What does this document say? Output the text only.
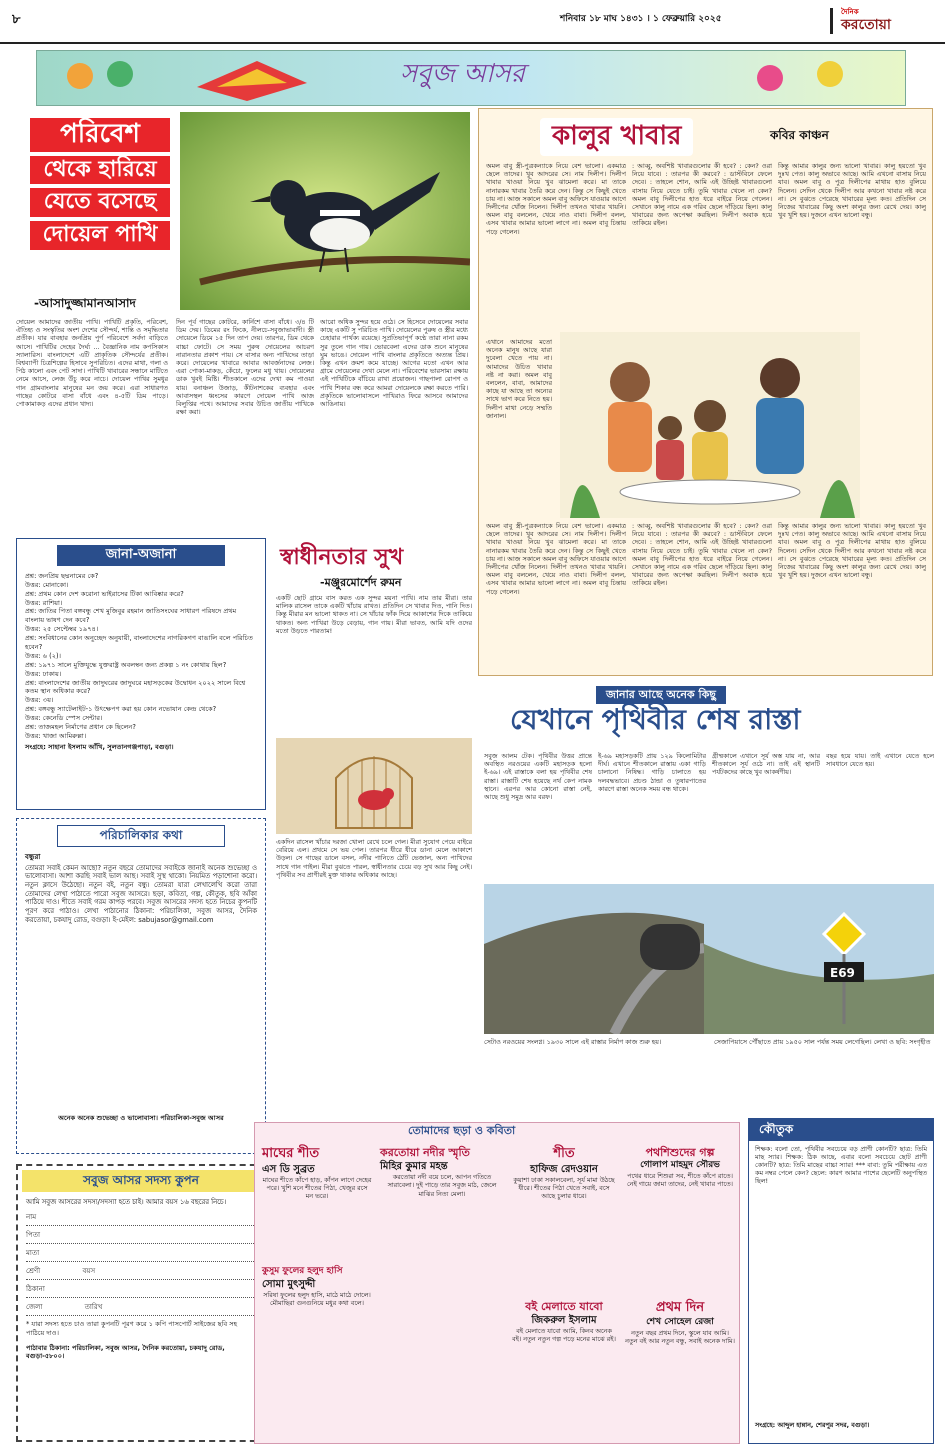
৮	শনিবার ১৮ মাঘ ১৪৩১ । ১ ফেব্রুয়ারি ২০২৫
দৈনিক
করতোয়া
সবুজ আসর
পরিবেশ
থেকে হারিয়ে
যেতে বসেছে
দোয়েল পাখি
-আসাদুজ্জামানআসাদ
দোয়েল আমাদের জাতীয় পাখি। পাখিটি প্রকৃতি, পরিবেশ, ঐতিহ্য ও সংস্কৃতির অংশ দেশের সৌন্দর্য, শান্তি ও সমৃদ্ধিতার প্রতীক। যার বাবহার জনপ্রিয় পুর্ণ পরিবেশে সর্বদা বাড়িতে আসে। পাখিটির দেহের দৈর্ঘ্য ... বৈজ্ঞানিক নাম কপসিকাস স্যালারিস। বাংলাদেশে এটি প্রাকৃতিক সৌন্দর্যের প্রতীক। বিশ্বব্যাপী চিত্রশিল্পের হিসাবে সুপরিচিত। এদের মাথা, গলা ও পিঠ কালো এবং পেট সাদা। পাখিটি খাবারের সন্ধানে মাটিতে নেমে আসে, লেজ উঁচু করে নাচে। দোয়েল পাখির সুমধুর গান গ্রামবাংলার মানুষের মন জয় করে। এরা সাধারণত গাছের কোটরে বাসা বাঁধে এবং ৪-৫টি ডিম পাড়ে। পোকামাকড় এদের প্রধান খাদ্য।
দিন পূর্ব গাছের কোটরে, কার্নিশে বাসা বাঁধে। ৩/৪ টি ডিম দেয়। ডিমের রং ফিকে, নীলচে-সবুজাভাবাদী। স্ত্রী দোয়েলে ডিমে ১৫ দিন তাপ দেয়। তারপর, ডিম থেকে বাচ্চা ফোটে। সে সময় পুরুষ দোয়েলের আচরণ নারানতার প্রকাশ পায়। সে বাসার অন্য পাখিদের তাড়া করে। দোয়েলের খাবারে আবার আবর্জনাদের লেজ। এরা পোকা-মাকড়, কেঁচো, ফুলের মধু খায়। দোয়েলের ডাক খুবই মিষ্টি। শীতকালে এদের দেখা কম পাওয়া যায়। বনাঞ্চল উজাড়, কীটনাশকের ব্যবহার এবং আবাসস্থল ধ্বংসের কারণে দোয়েল পাখি আজ বিলুপ্তির পথে। আমাদের সবার উচিত জাতীয় পাখিকে রক্ষা করা।
আরো অধিক সুন্দর হয়ে ওঠে। সে হিসেবে দোয়েলের সবার কাছে একটি সু পরিচিত পাখি। দোয়েলের পুরুষ ও স্ত্রীর মধ্যে চেহারার পার্থক্য রয়েছে। সুপ্রতিভাপূর্ণ কণ্ঠে তারা নানা রকম সুর তুলে গান গায়। ভোরবেলা এদের ডাক শুনে মানুষের ঘুম ভাঙে। দোয়েল পাখি বাংলার প্রকৃতিতে অত্যন্ত প্রিয়। কিন্তু এখন ক্রমশ কমে যাচ্ছে। আগের মতো এখন আর গ্রামে দোয়েলের দেখা মেলে না। পরিবেশের ভারসাম্য রক্ষায় এই পাখিটিকে বাঁচিয়ে রাখা প্রয়োজন। গাছপালা রোপণ ও পাখি শিকার বন্ধ করে আমরা দোয়েলকে রক্ষা করতে পারি। প্রকৃতিকে ভালোবাসলে পাখিরাও ফিরে আসবে আমাদের আঙিনায়।
জানা-অজানা
প্রশ্ন: জনপ্রিয় ছদ্মনামের কে?
উত্তর: মোনাকো।
প্রশ্ন: প্রথম কোন দেশ করোনা ভাইরাসের টিকা আবিষ্কার করে?
উত্তর: রাশিয়া।
প্রশ্ন: জাতির পিতা বঙ্গবন্ধু শেখ মুজিবুর রহমান জাতিসংঘের সাধারণ পরিষদে প্রথম বাংলায় ভাষণ দেন কবে?
উত্তর: ২৫ সেপ্টেম্বর ১৯৭৪।
প্রশ্ন: সংবিধানের কোন অনুচ্ছেদ অনুযায়ী, বাংলাদেশের নাগরিকগণ বাঙালি বলে পরিচিত হবেন?
উত্তর: ৬ (২)।
প্রশ্ন: ১৯৭১ সালে মুক্তিযুদ্ধে যুক্তরাষ্ট্র অবলম্বন জন্য প্রকল্প ১ নং কোথায় ছিল?
উত্তর: ঢাকায়।
প্রশ্ন: বাংলাদেশের জাতীয় জাদুঘরের জাদুঘরে মহাসড়কের উদ্বোধন ২০২২ সালে বিশ্বে কতম স্থান অধিকার করে?
উত্তর: ৩য়।
প্রশ্ন: বঙ্গবন্ধু স্যাটেলাইট-১ উৎক্ষেপণ করা হয় কোন নভোযান কেন্দ্র থেকে?
উত্তর: কেনেডি স্পেস সেন্টার।
প্রশ্ন: তাজমহল নির্মাণের প্রধান কে ছিলেন?
উত্তর: খাজা আমিরুল্লা।
সংগ্রহে: সাহানা ইসলাম আঁখি, সুলতানগঞ্জপাড়া, বগুড়া।
পরিচালিকার কথা
বন্ধুরা
তোমরা সবাই কেমন আছো? নতুন বছরে তোমাদের সবাইকে জানাই অনেক শুভেচ্ছা ও ভালোবাসা। আশা করছি সবাই ভাল আছ। সবাই সুস্থ থাকো। নিয়মিত পড়াশোনা করো। নতুন ক্লাসে উঠেছো। নতুন বই, নতুন বন্ধু। তোমরা যারা লেখালেখি করো তারা তোমাদের লেখা পাঠাতে পারো সবুজ আসরে। ছড়া, কবিতা, গল্প, কৌতুক, ছবি আঁকা পাঠিয়ে দাও। শীতে সবাই গরম কাপড় পরবে। সবুজ আসরের সদস্য হতে নিচের কুপনটি পূরণ করে পাঠাও। লেখা পাঠানোর ঠিকানা: পরিচালিকা, সবুজ আসর, দৈনিক করতোয়া, চকযাদু রোড, বগুড়া। ই-মেইল: sabujasor@gmail.com
অনেক অনেক শুভেচ্ছা ও ভালোবাসা। পরিচালিকা-সবুজ আসর
সবুজ আসর সদস্য কুপন
আমি সবুজ আসরের সদস্য/সদস্যা হতে চাই। আমার বয়স ১৬ বছরের নিচে।
নাম
পিতা
মাতা
শ্রেণী	বয়স
ঠিকানা
জেলা	তারিখ
* যারা সদস্য হতে চাও তারা কুপনটি পূরণ করে ১ কপি পাসপোর্ট সাইজের ছবি সহ পাঠিয়ে দাও।
পাঠাবার ঠিকানা: পরিচালিকা, সবুজ আসর, দৈনিক করতোয়া, চকযাদু রোড, বগুড়া-৫৮০০।
কালুর খাবার	কবির কাঞ্চন
অমল বাবু স্ত্রী-পুত্রকন্যাকে নিয়ে বেশ ভালো। একমাত্র ছেলে তাদের। খুব আদরের সে। নাম দিলীপ। দিলীপ খাবার খাওয়া নিয়ে খুব ঝামেলা করে। মা তাকে নানারকম খাবার তৈরি করে দেন। কিন্তু সে কিছুই খেতে চায় না। আজ সকালে অমল বাবু অফিসে যাওয়ার আগে দিলীপের খোঁজ নিলেন। দিলীপ তখনও খাবার খায়নি। অমল বাবু বললেন, খেয়ে নাও বাবা। দিলীপ বলল, এসব খাবার আমার ভালো লাগে না। অমল বাবু চিন্তায় পড়ে গেলেন।
: আব্বু, অবশিষ্ট খাবারগুলোর কী হবে? : কেন? ওরা নিয়ে যাবে। : তারপর কী করবে? : ডাস্টবিনে ফেলে দেবে। : তাহলে শোন, আমি এই উচ্ছিষ্ট খাবারগুলো বাসায় নিয়ে যেতে চাই। তুমি খাবার খেলে না কেন? অমল বাবু দিলীপের হাত ধরে বাইরে নিয়ে গেলেন। সেখানে কালু নামে এক গরিব ছেলে দাঁড়িয়ে ছিল। কালু খাবারের জন্য অপেক্ষা করছিল। দিলীপ অবাক হয়ে তাকিয়ে রইল।
কিন্তু আমার কালুর জন্য ভালো খাবার। কালু হয়তো খুব দুঃখ পেত। কালু অভাবে আছে। আমি এখনো বাসায় নিয়ে যাব। অমল বাবু ও পুত্র দিলীপের মাথায় হাত বুলিয়ে দিলেন। সেদিন থেকে দিলীপ আর কখনো খাবার নষ্ট করে না। সে বুঝতে পেরেছে খাবারের মূল্য কত। প্রতিদিন সে নিজের খাবারের কিছু অংশ কালুর জন্য রেখে দেয়। কালু খুব খুশি হয়। দুজনে এখন ভালো বন্ধু।
এখানে আমাদের মতো অনেক মানুষ আছে যারা দুবেলা খেতে পায় না। আমাদের উচিত খাবার নষ্ট না করা। অমল বাবু বললেন, বাবা, আমাদের কাছে যা আছে তা অন্যের সাথে ভাগ করে নিতে হয়। দিলীপ মাথা নেড়ে সম্মতি জানাল।
অমল বাবু স্ত্রী-পুত্রকন্যাকে নিয়ে বেশ ভালো। একমাত্র ছেলে তাদের। খুব আদরের সে। নাম দিলীপ। দিলীপ খাবার খাওয়া নিয়ে খুব ঝামেলা করে। মা তাকে নানারকম খাবার তৈরি করে দেন। কিন্তু সে কিছুই খেতে চায় না। আজ সকালে অমল বাবু অফিসে যাওয়ার আগে দিলীপের খোঁজ নিলেন। দিলীপ তখনও খাবার খায়নি। অমল বাবু বললেন, খেয়ে নাও বাবা। দিলীপ বলল, এসব খাবার আমার ভালো লাগে না। অমল বাবু চিন্তায় পড়ে গেলেন।
: আব্বু, অবশিষ্ট খাবারগুলোর কী হবে? : কেন? ওরা নিয়ে যাবে। : তারপর কী করবে? : ডাস্টবিনে ফেলে দেবে। : তাহলে শোন, আমি এই উচ্ছিষ্ট খাবারগুলো বাসায় নিয়ে যেতে চাই। তুমি খাবার খেলে না কেন? অমল বাবু দিলীপের হাত ধরে বাইরে নিয়ে গেলেন। সেখানে কালু নামে এক গরিব ছেলে দাঁড়িয়ে ছিল। কালু খাবারের জন্য অপেক্ষা করছিল। দিলীপ অবাক হয়ে তাকিয়ে রইল।
কিন্তু আমার কালুর জন্য ভালো খাবার। কালু হয়তো খুব দুঃখ পেত। কালু অভাবে আছে। আমি এখনো বাসায় নিয়ে যাব। অমল বাবু ও পুত্র দিলীপের মাথায় হাত বুলিয়ে দিলেন। সেদিন থেকে দিলীপ আর কখনো খাবার নষ্ট করে না। সে বুঝতে পেরেছে খাবারের মূল্য কত। প্রতিদিন সে নিজের খাবারের কিছু অংশ কালুর জন্য রেখে দেয়। কালু খুব খুশি হয়। দুজনে এখন ভালো বন্ধু।
স্বাধীনতার সুখ
-মঞ্জুরমোর্শেদ রুমন
একটি ছোট গ্রামে বাস করত এক সুন্দর ময়না পাখি। নাম তার মীরা। তার মালিক রাসেল তাকে একটি খাঁচায় রাখত। প্রতিদিন সে খাবার দিত, পানি দিত। কিন্তু মীরার মন ভালো থাকত না। সে খাঁচার ফাঁক দিয়ে আকাশের দিকে তাকিয়ে থাকত। অন্য পাখিরা উড়ে বেড়ায়, গান গায়। মীরা ভাবত, আমি যদি ওদের মতো উড়তে পারতাম!
একদিন রাসেল খাঁচার দরজা খোলা রেখে চলে গেল। মীরা সুযোগ পেয়ে বাইরে বেরিয়ে এল। প্রথমে সে ভয় পেল। তারপর ধীরে ধীরে ডানা মেলে আকাশে উড়ল। সে গাছের ডালে বসল, নদীর পানিতে ঠোঁট ভেজাল, অন্য পাখিদের সাথে গান গাইল। মীরা বুঝতে পারল, স্বাধীনতার চেয়ে বড় সুখ আর কিছু নেই। পৃথিবীর সব প্রাণীরই মুক্ত থাকার অধিকার আছে।
জানার আছে অনেক কিছু
যেখানে পৃথিবীর শেষ রাস্তা
সবুজ আলম টেক। পৃথিবীর উত্তর প্রান্তে অবস্থিত নরওয়ের একটি মহাসড়ক হলো ই-৬৯। এই রাস্তাকে বলা হয় পৃথিবীর শেষ রাস্তা। রাস্তাটি শেষ হয়েছে নর্থ কেপ নামক স্থানে। এরপর আর কোনো রাস্তা নেই, আছে শুধু সমুদ্র আর বরফ।
ই-৬৯ মহাসড়কটি প্রায় ১২৯ কিলোমিটার দীর্ঘ। এখানে শীতকালে রাস্তায় একা গাড়ি চালানো নিষিদ্ধ। গাড়ি চালাতে হয় দলবদ্ধভাবে। প্রচণ্ড ঠান্ডা ও তুষারপাতের কারণে রাস্তা অনেক সময় বন্ধ থাকে।
গ্রীষ্মকালে এখানে সূর্য অস্ত যায় না, আর শীতকালে সূর্য ওঠে না। তাই এই স্থানটি পর্যটকদের কাছে খুব আকর্ষণীয়।
বছর হয়ে যায়। তাই এখানে যেতে হলে সাবধানে যেতে হয়।
E69
সেটাও নরওয়ের সংলগ্ন। ১৯৩০ সালে এই রাস্তার নির্মাণ কাজ শুরু হয়।	সেজাপিয়াসে পৌঁছাতে প্রায় ১৯৫০ সাল পর্যন্ত সময় লেগেছিল। লেখা ও ছবি: সংগৃহীত
তোমাদের ছড়া ও কবিতা
মাঘের শীত
এস ডি সুব্রত
মাঘের শীতে কাঁপে হাড়, কাঁপন লাগে দেহের পরে। খুশি মনে শীতের পিঠা, খেজুর রসে মন ভরে।
কুসুম ফুলের হলুদ হাসি
সোমা মুৎসুদ্দী
সরিষা ফুলের হলুদ হাসি, মাঠে মাঠে দোলে। মৌমাছিরা গুনগুনিয়ে মধুর কথা বলে।
করতোয়া নদীর স্মৃতি
মিহির কুমার মহন্ত
করতোয়া নদী বয়ে চলে, আপন গতিতে সারাবেলা। দুই পাড়ে তার সবুজ মাঠ, জেলে মাঝির নিত্য মেলা।
শীত
হাফিজ রেদওয়ান
কুয়াশা ঢাকা সকালবেলা, সূর্য মামা উঠছে ধীরে। শীতের পিঠা খেতে সবাই, বসে আছে চুলার ধারে।
বই মেলাতে যাবো
জিকরুল ইসলাম
বই মেলাতে যাবো আমি, কিনব অনেক বই। নতুন নতুন গল্প পড়ে মনের মাঝে রই।
পথশিশুদের গল্প
গোলাপ মাহমুদ সৌরভ
পথের ধারে শিশুরা সব, শীতে কাঁপে রাতে। নেই গায়ে জামা তাদের, নেই খাবার পাতে।
প্রথম দিন
শেখ সোহেল রেজা
নতুন বছর প্রথম দিনে, স্কুলে যাব আমি। নতুন বই আর নতুন বন্ধু, সবাই অনেক দামি।
কৌতুক
শিক্ষক: বলো তো, পৃথিবীর সবচেয়ে বড় প্রাণী কোনটি? ছাত্র: তিমি মাছ স্যার। শিক্ষক: ঠিক আছে, এবার বলো সবচেয়ে ছোট প্রাণী কোনটি? ছাত্র: তিমি মাছের বাচ্চা স্যার! *** বাবা: তুমি পরীক্ষায় এত কম নম্বর পেলে কেন? ছেলে: কারণ আমার পাশের ছেলেটি অনুপস্থিত ছিল!
সংগ্রহে: আব্দুল হান্নান, শেরপুর সদর, বগুড়া।
